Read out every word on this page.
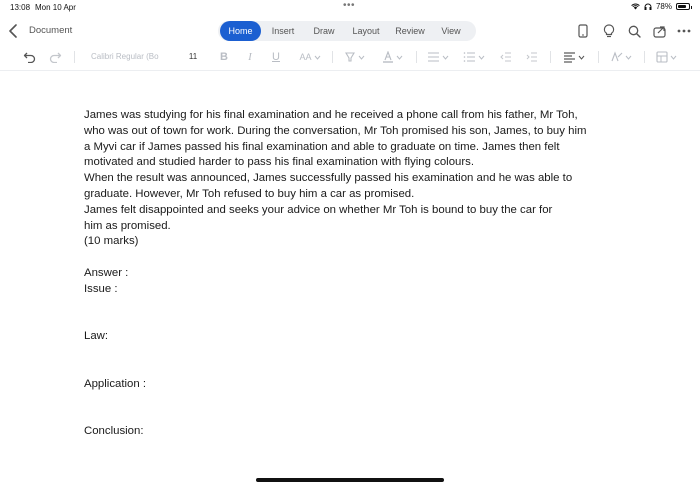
13:08 Mon 10 Apr	•••	78%
Document	Home	Insert	Draw	Layout	Review	View
Calibri Regular (Bo	11	B I U AA
James was studying for his final examination and he received a phone call from his father, Mr Toh,
who was out of town for work. During the conversation, Mr Toh promised his son, James, to buy him
a Myvi car if James passed his final examination and able to graduate on time. James then felt
motivated and studied harder to pass his final examination with flying colours.
When the result was announced, James successfully passed his examination and he was able to
graduate. However, Mr Toh refused to buy him a car as promised.
James felt disappointed and seeks your advice on whether Mr Toh is bound to buy the car for
him as promised.
(10 marks)
Answer :
Issue :
Law:
Application :
Conclusion:
